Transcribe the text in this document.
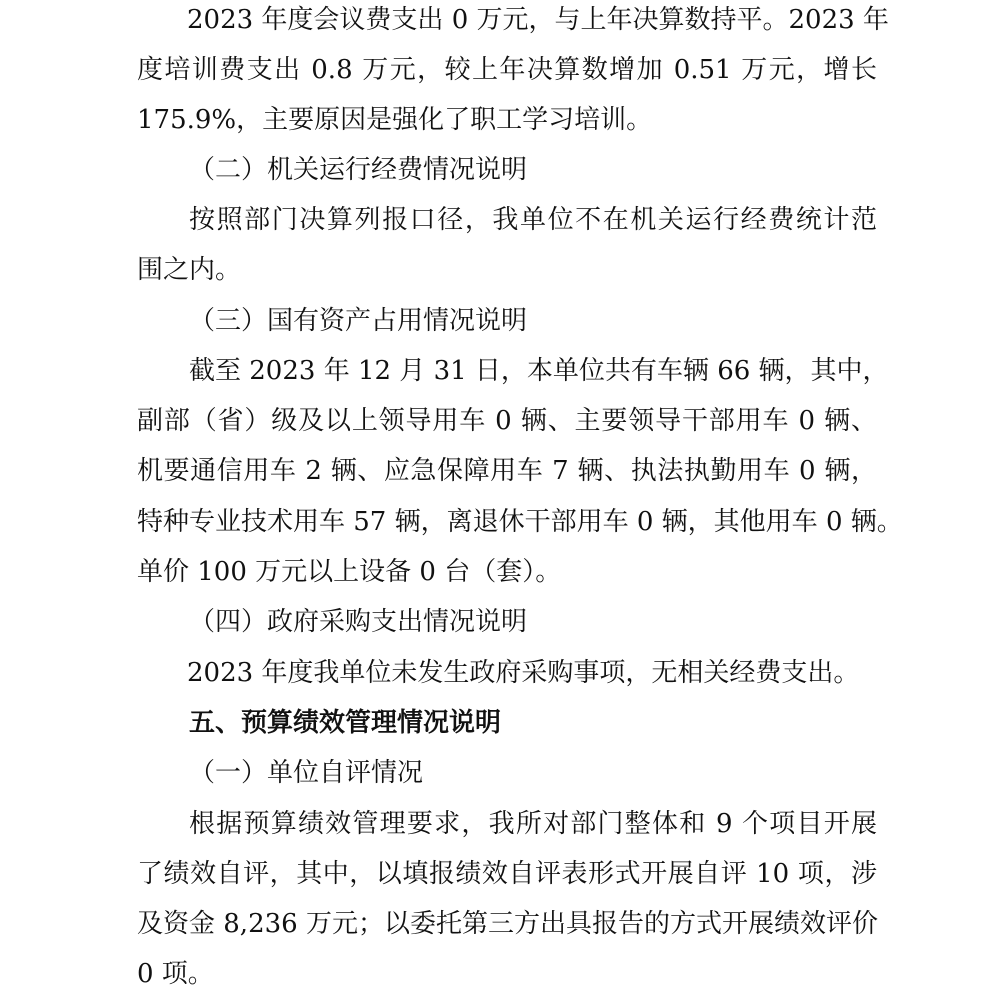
2023 年度会议费支出 0 万元，与上年决算数持平。2023 年
度培训费支出 0.8 万元，较上年决算数增加 0.51 万元，增长
175.9%，主要原因是强化了职工学习培训。
（二）机关运行经费情况说明
按照部门决算列报口径，我单位不在机关运行经费统计范
围之内。
（三）国有资产占用情况说明
截至 2023 年 12 月 31 日，本单位共有车辆 66 辆，其中，
副部（省）级及以上领导用车 0 辆、主要领导干部用车 0 辆、
机要通信用车 2 辆、应急保障用车 7 辆、执法执勤用车 0 辆，
特种专业技术用车 57 辆，离退休干部用车 0 辆，其他用车 0 辆。
单价 100 万元以上设备 0 台（套）。
（四）政府采购支出情况说明
2023 年度我单位未发生政府采购事项，无相关经费支出。
五、预算绩效管理情况说明
（一）单位自评情况
根据预算绩效管理要求，我所对部门整体和 9 个项目开展
了绩效自评，其中，以填报绩效自评表形式开展自评 10 项，涉
及资金 8,236 万元；以委托第三方出具报告的方式开展绩效评价
0 项。
